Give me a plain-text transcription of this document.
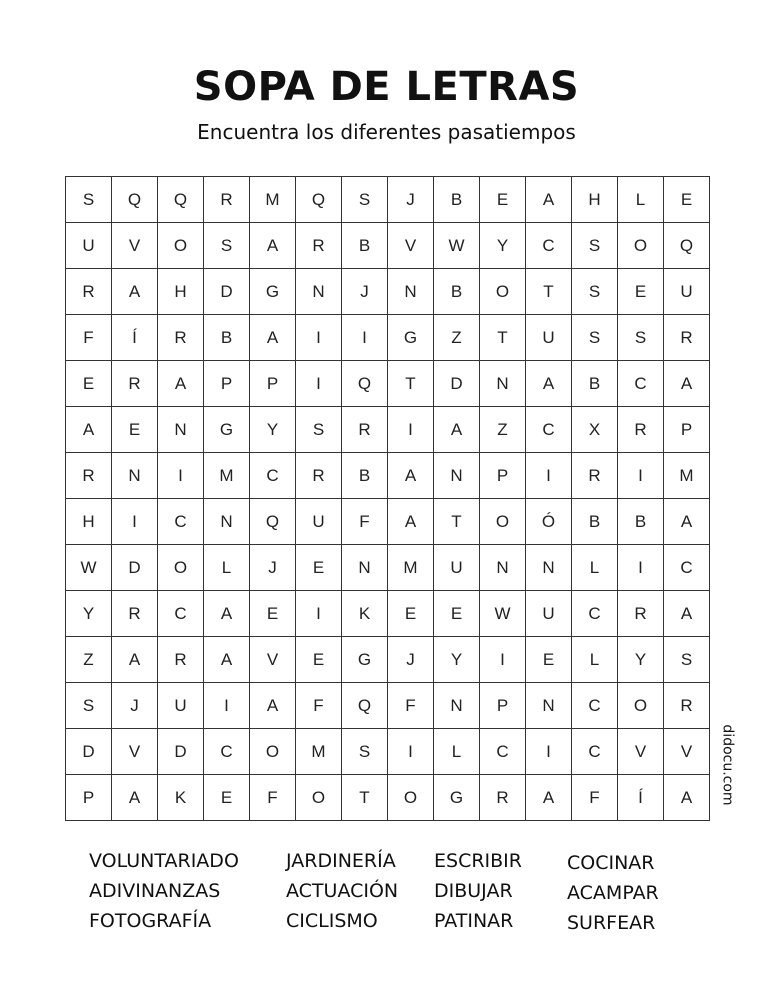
SOPA DE LETRAS

Encuentra los diferentes pasatiempos

S	Q	Q	R	M	Q	S	J	B	E	A	H	L	E
U	V	O	S	A	R	B	V	W	Y	C	S	O	Q
R	A	H	D	G	N	J	N	B	O	T	S	E	U
F	Í	R	B	A	I	I	G	Z	T	U	S	S	R
E	R	A	P	P	I	Q	T	D	N	A	B	C	A
A	E	N	G	Y	S	R	I	A	Z	C	X	R	P
R	N	I	M	C	R	B	A	N	P	I	R	I	M
H	I	C	N	Q	U	F	A	T	O	Ó	B	B	A
W	D	O	L	J	E	N	M	U	N	N	L	I	C
Y	R	C	A	E	I	K	E	E	W	U	C	R	A
Z	A	R	A	V	E	G	J	Y	I	E	L	Y	S
S	J	U	I	A	F	Q	F	N	P	N	C	O	R
D	V	D	C	O	M	S	I	L	C	I	C	V	V
P	A	K	E	F	O	T	O	G	R	A	F	Í	A	didocu.com
VOLUNTARIADO
ADIVINANZAS
FOTOGRAFÍA
JARDINERÍA
ACTUACIÓN
CICLISMO
ESCRIBIR
DIBUJAR
PATINAR
COCINAR
ACAMPAR
SURFEAR
